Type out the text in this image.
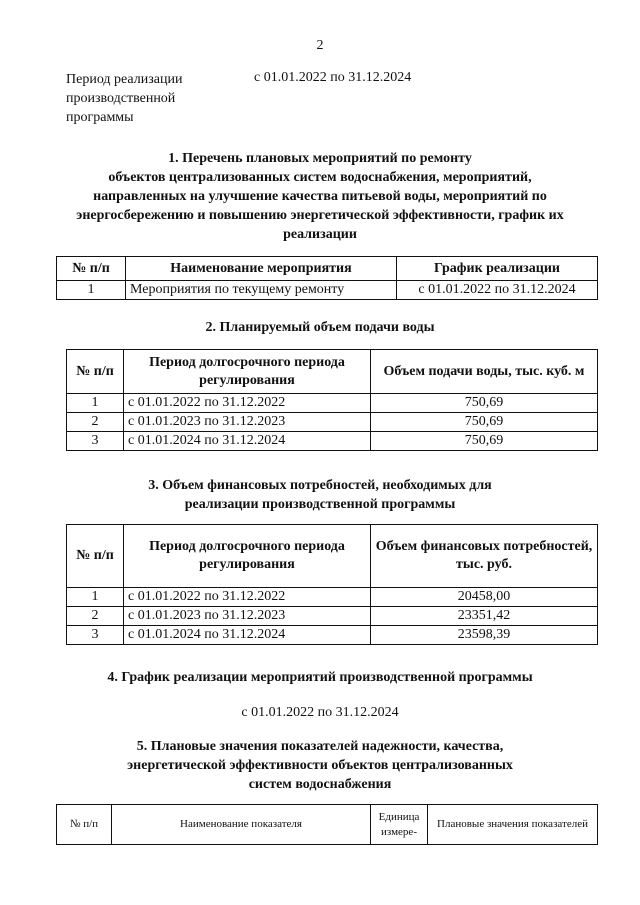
2
Период реализации
производственной
программы
с 01.01.2022 по 31.12.2024
1. Перечень плановых мероприятий по ремонту
объектов централизованных систем водоснабжения, мероприятий,
направленных на улучшение качества питьевой воды, мероприятий по
энергосбережению и повышению энергетической эффективности, график их
реализации
№ п/п	Наименование мероприятия	График реализации
1	Мероприятия по текущему ремонту	с 01.01.2022 по 31.12.2024
2. Планируемый объем подачи воды
№ п/п	Период долгосрочного периода регулирования	Объем подачи воды, тыс. куб. м
1	с 01.01.2022 по 31.12.2022	750,69
2	с 01.01.2023 по 31.12.2023	750,69
3	с 01.01.2024 по 31.12.2024	750,69
3. Объем финансовых потребностей, необходимых для
реализации производственной программы
№ п/п	Период долгосрочного периода регулирования	Объем финансовых потребностей, тыс. руб.
1	с 01.01.2022 по 31.12.2022	20458,00
2	с 01.01.2023 по 31.12.2023	23351,42
3	с 01.01.2024 по 31.12.2024	23598,39
4. График реализации мероприятий производственной программы
с 01.01.2022 по 31.12.2024
5. Плановые значения показателей надежности, качества,
энергетической эффективности объектов централизованных
систем водоснабжения
№ п/п	Наименование показателя	Единица измере-	Плановые значения показателей
